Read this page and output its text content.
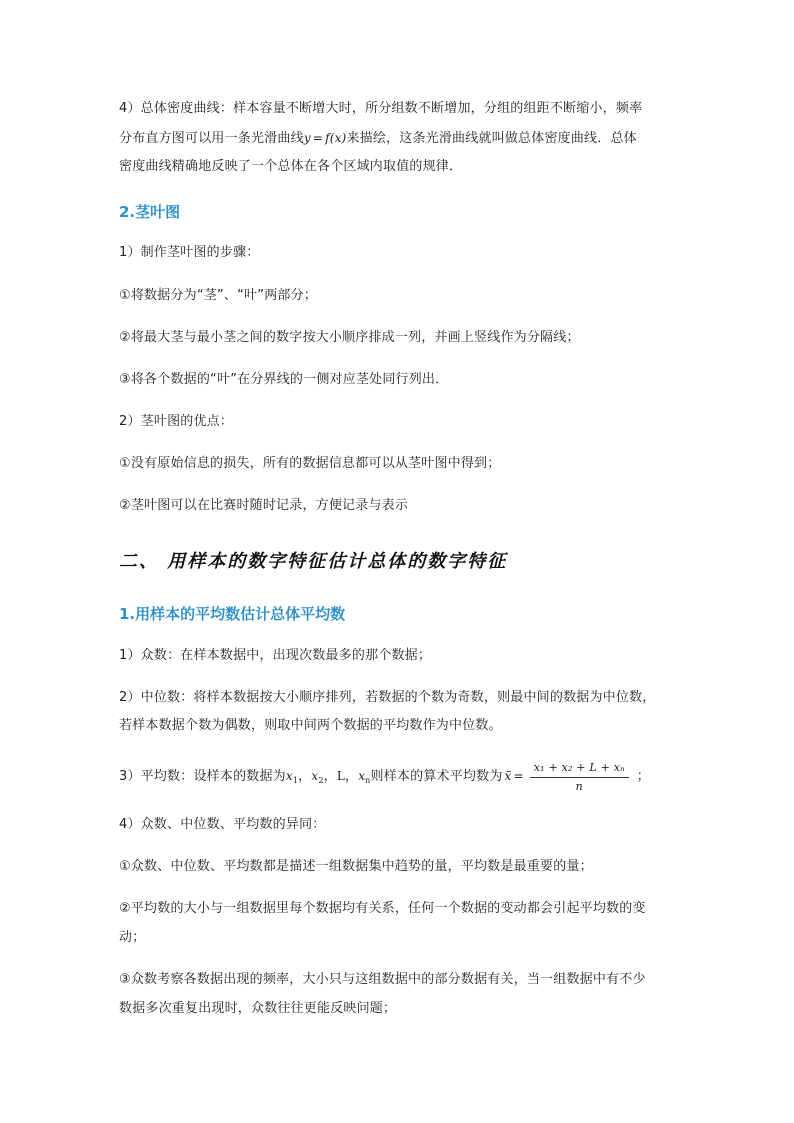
4）总体密度曲线：样本容量不断增大时，所分组数不断增加，分组的组距不断缩小，频率
分布直方图可以用一条光滑曲线y = f(x)来描绘，这条光滑曲线就叫做总体密度曲线．总体
密度曲线精确地反映了一个总体在各个区域内取值的规律．
2.茎叶图
1）制作茎叶图的步骤：
①将数据分为“茎”、“叶”两部分；
②将最大茎与最小茎之间的数字按大小顺序排成一列，并画上竖线作为分隔线；
③将各个数据的“叶”在分界线的一侧对应茎处同行列出．
2）茎叶图的优点：
①没有原始信息的损失，所有的数据信息都可以从茎叶图中得到；
②茎叶图可以在比赛时随时记录，方便记录与表示
二、 用样本的数字特征估计总体的数字特征
1.用样本的平均数估计总体平均数
1）众数：在样本数据中，出现次数最多的那个数据；
2）中位数：将样本数据按大小顺序排列，若数据的个数为奇数，则最中间的数据为中位数，
若样本数据个数为偶数，则取中间两个数据的平均数作为中位数。
3）平均数：设样本的数据为$x_1$，$x_2$，L，$x_n$则样本的算术平均数为 x̄ = $\frac{\text{x₁ + x₂ + L + xₙ}}{n}$ ；
4）众数、中位数、平均数的异同：
①众数、中位数、平均数都是描述一组数据集中趋势的量，平均数是最重要的量；
②平均数的大小与一组数据里每个数据均有关系，任何一个数据的变动都会引起平均数的变
动；
③众数考察各数据出现的频率，大小只与这组数据中的部分数据有关，当一组数据中有不少
数据多次重复出现时，众数往往更能反映问题；
